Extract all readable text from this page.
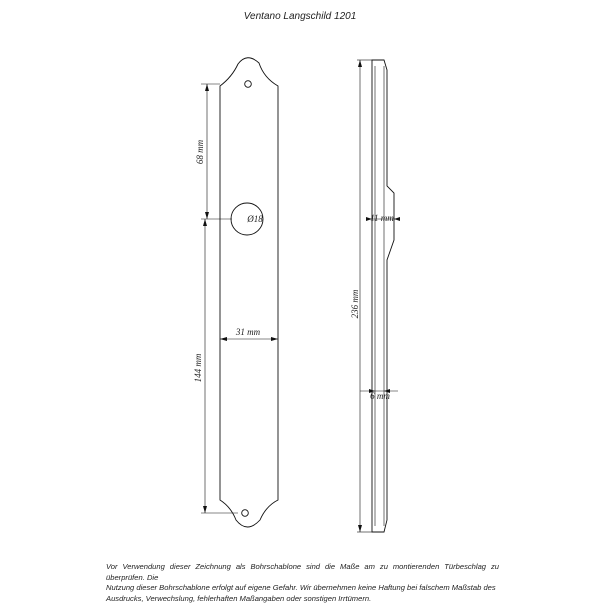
Ventano Langschild 1201
68 mm
144 mm
Ø18
31 mm
236 mm
11 mm
6 mm
Vor Verwendung dieser Zeichnung als Bohrschablone sind die Maße am zu montierenden Türbeschlag zu überprüfen. Die
Nutzung dieser Bohrschablone erfolgt auf eigene Gefahr. Wir übernehmen keine Haftung bei falschem Maßstab des
Ausdrucks, Verwechslung, fehlerhaften Maßangaben oder sonstigen Irrtümern.
